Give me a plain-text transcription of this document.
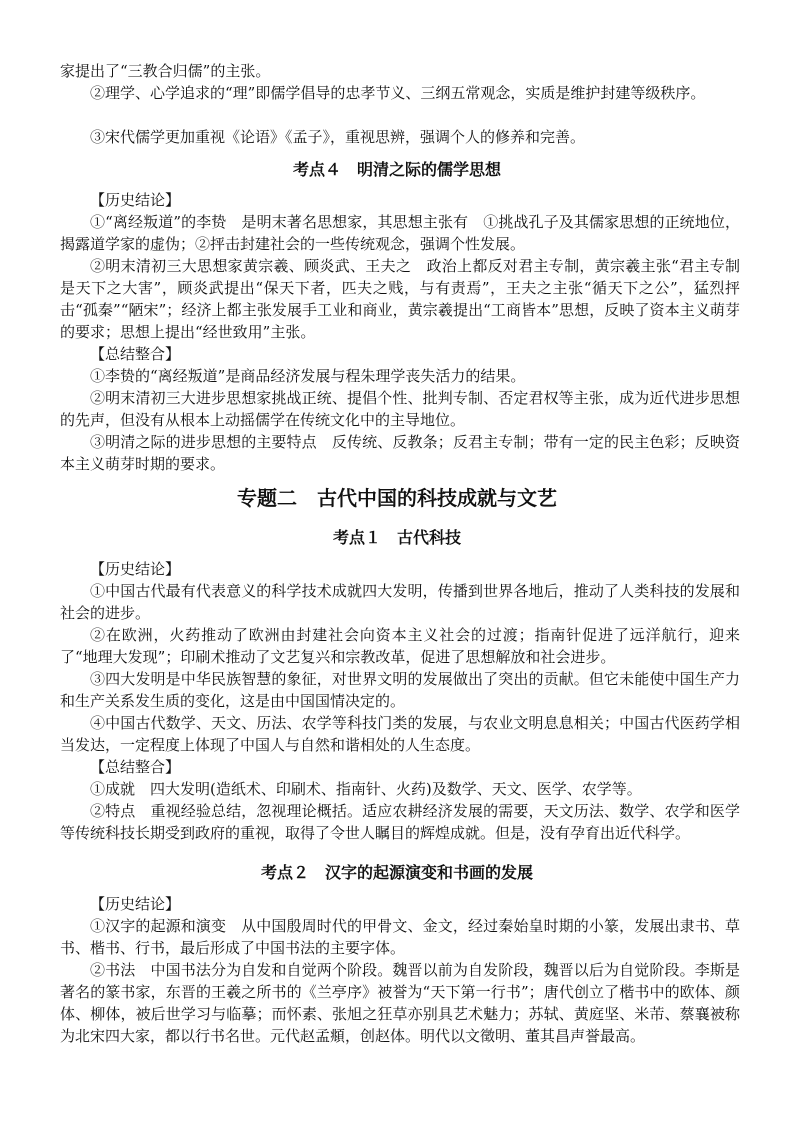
家提出了“三教合归儒”的主张。

②理学、心学追求的“理”即儒学倡导的忠孝节义、三纲五常观念，实质是维护封建等级秩序。

③宋代儒学更加重视《论语》《孟子》，重视思辨，强调个人的修养和完善。

考点４　明清之际的儒学思想

【历史结论】

①“离经叛道”的李贽　是明末著名思想家，其思想主张有　①挑战孔子及其儒家思想的正统地位，揭露道学家的虚伪；②抨击封建社会的一些传统观念，强调个性发展。

②明末清初三大思想家黄宗羲、顾炎武、王夫之　政治上都反对君主专制，黄宗羲主张“君主专制是天下之大害”，顾炎武提出“保天下者，匹夫之贱，与有责焉”，王夫之主张“循天下之公”，猛烈抨击“孤秦”“陋宋”；经济上都主张发展手工业和商业，黄宗羲提出“工商皆本”思想，反映了资本主义萌芽的要求；思想上提出“经世致用”主张。

【总结整合】

①李贽的“离经叛道”是商品经济发展与程朱理学丧失活力的结果。

②明末清初三大进步思想家挑战正统、提倡个性、批判专制、否定君权等主张，成为近代进步思想的先声，但没有从根本上动摇儒学在传统文化中的主导地位。

③明清之际的进步思想的主要特点　反传统、反教条；反君主专制；带有一定的民主色彩；反映资本主义萌芽时期的要求。

专题二　古代中国的科技成就与文艺
考点１　古代科技

【历史结论】

①中国古代最有代表意义的科学技术成就四大发明，传播到世界各地后，推动了人类科技的发展和社会的进步。

②在欧洲，火药推动了欧洲由封建社会向资本主义社会的过渡；指南针促进了远洋航行，迎来了“地理大发现”；印刷术推动了文艺复兴和宗教改革，促进了思想解放和社会进步。

③四大发明是中华民族智慧的象征，对世界文明的发展做出了突出的贡献。但它未能使中国生产力和生产关系发生质的变化，这是由中国国情决定的。

④中国古代数学、天文、历法、农学等科技门类的发展，与农业文明息息相关；中国古代医药学相当发达，一定程度上体现了中国人与自然和谐相处的人生态度。

【总结整合】

①成就　四大发明(造纸术、印刷术、指南针、火药)及数学、天文、医学、农学等。

②特点　重视经验总结，忽视理论概括。适应农耕经济发展的需要，天文历法、数学、农学和医学等传统科技长期受到政府的重视，取得了令世人瞩目的辉煌成就。但是，没有孕育出近代科学。

考点２　汉字的起源演变和书画的发展

【历史结论】

①汉字的起源和演变　从中国殷周时代的甲骨文、金文，经过秦始皇时期的小篆，发展出隶书、草书、楷书、行书，最后形成了中国书法的主要字体。

②书法　中国书法分为自发和自觉两个阶段。魏晋以前为自发阶段，魏晋以后为自觉阶段。李斯是著名的篆书家，东晋的王羲之所书的《兰亭序》被誉为“天下第一行书”；唐代创立了楷书中的欧体、颜体、柳体，被后世学习与临摹；而怀素、张旭之狂草亦别具艺术魅力；苏轼、黄庭坚、米芾、蔡襄被称为北宋四大家，都以行书名世。元代赵孟頫，创赵体。明代以文徵明、董其昌声誉最高。
